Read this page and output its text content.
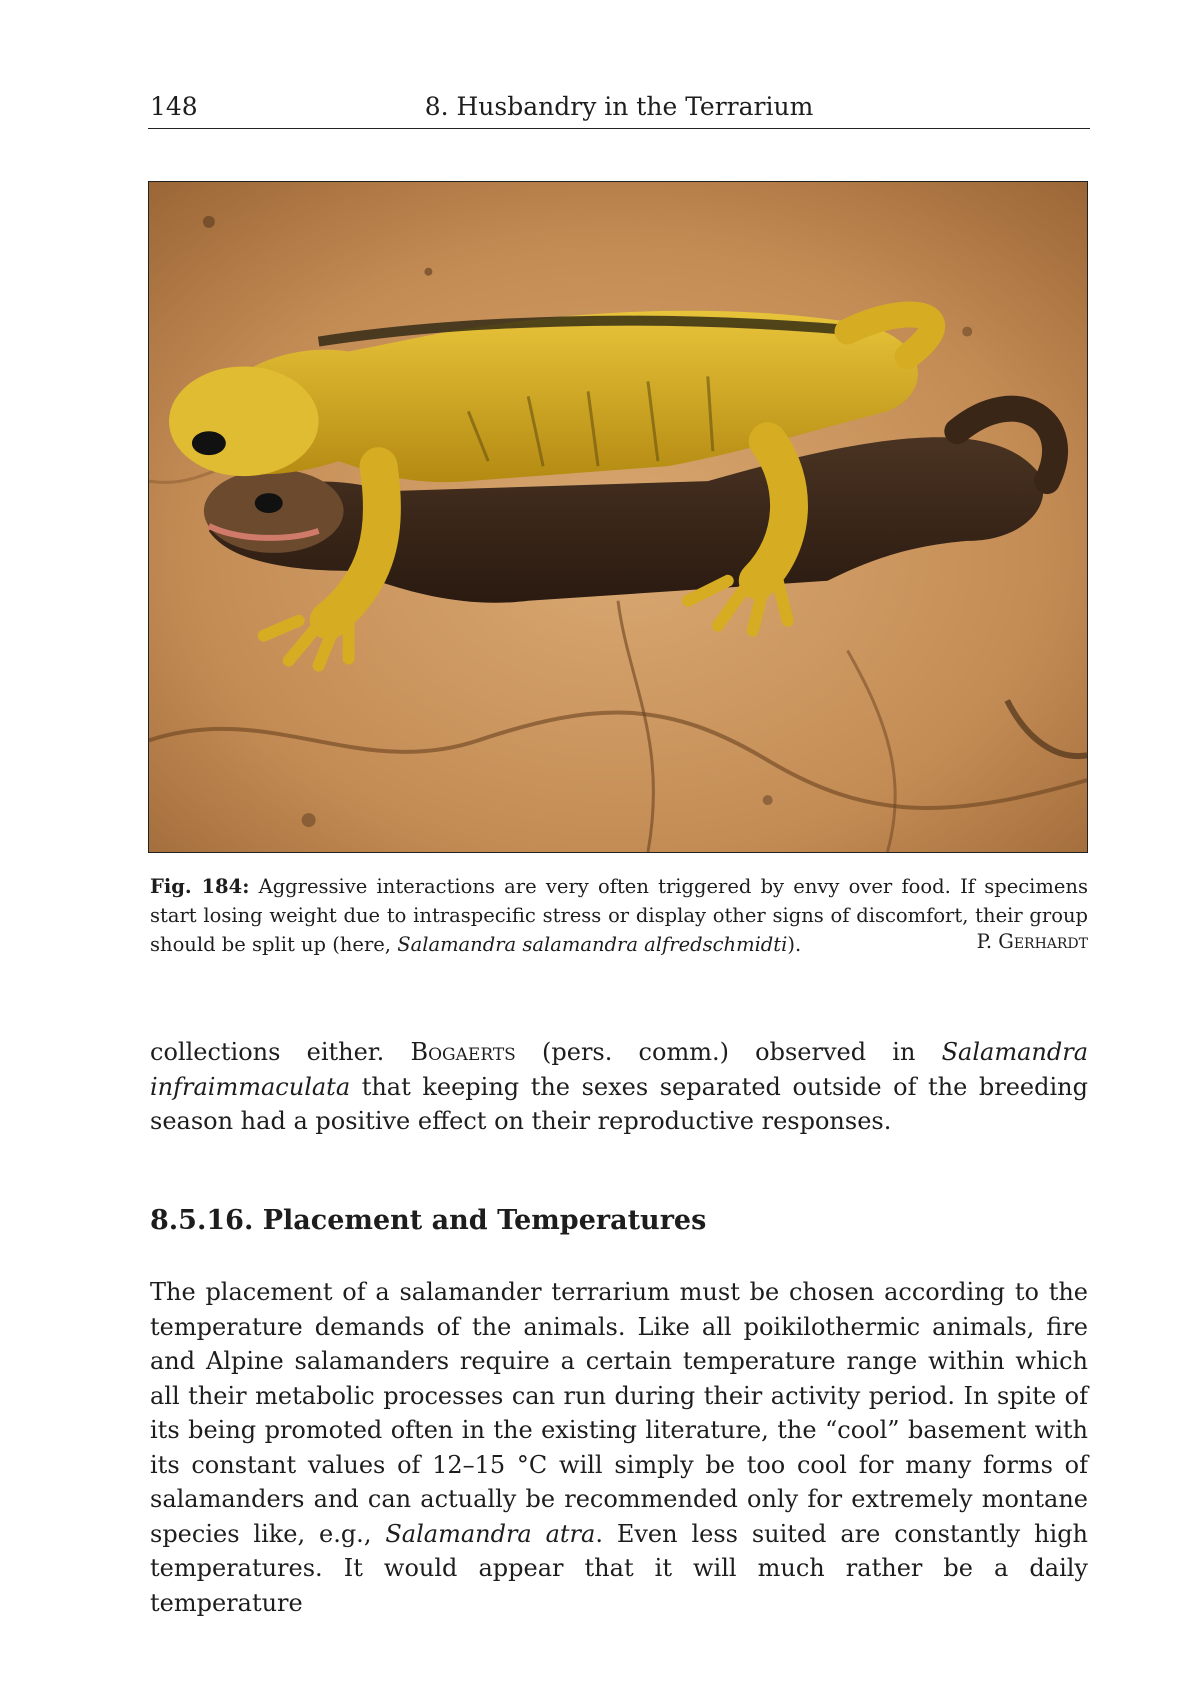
148	8. Husbandry in the Terrarium
Fig. 184: Aggressive interactions are very often triggered by envy over food. If specimens start losing weight due to intraspecific stress or display other signs of discomfort, their group should be split up (here, Salamandra salamandra alfredschmidti).	P. Gerhardt
collections either. Bogaerts (pers. comm.) observed in Salamandra infraimmaculata that keeping the sexes separated outside of the breeding season had a positive effect on their reproductive responses.
8.5.16. Placement and Temperatures
The placement of a salamander terrarium must be chosen according to the temperature demands of the animals. Like all poikilothermic animals, fire and Alpine salamanders require a certain temperature range within which all their metabolic processes can run during their activity period. In spite of its being promoted often in the existing literature, the “cool” basement with its constant values of 12–15 °C will simply be too cool for many forms of salamanders and can actually be recommended only for extremely montane species like, e.g., Salamandra atra. Even less suited are constantly high temperatures. It would appear that it will much rather be a daily temperature
